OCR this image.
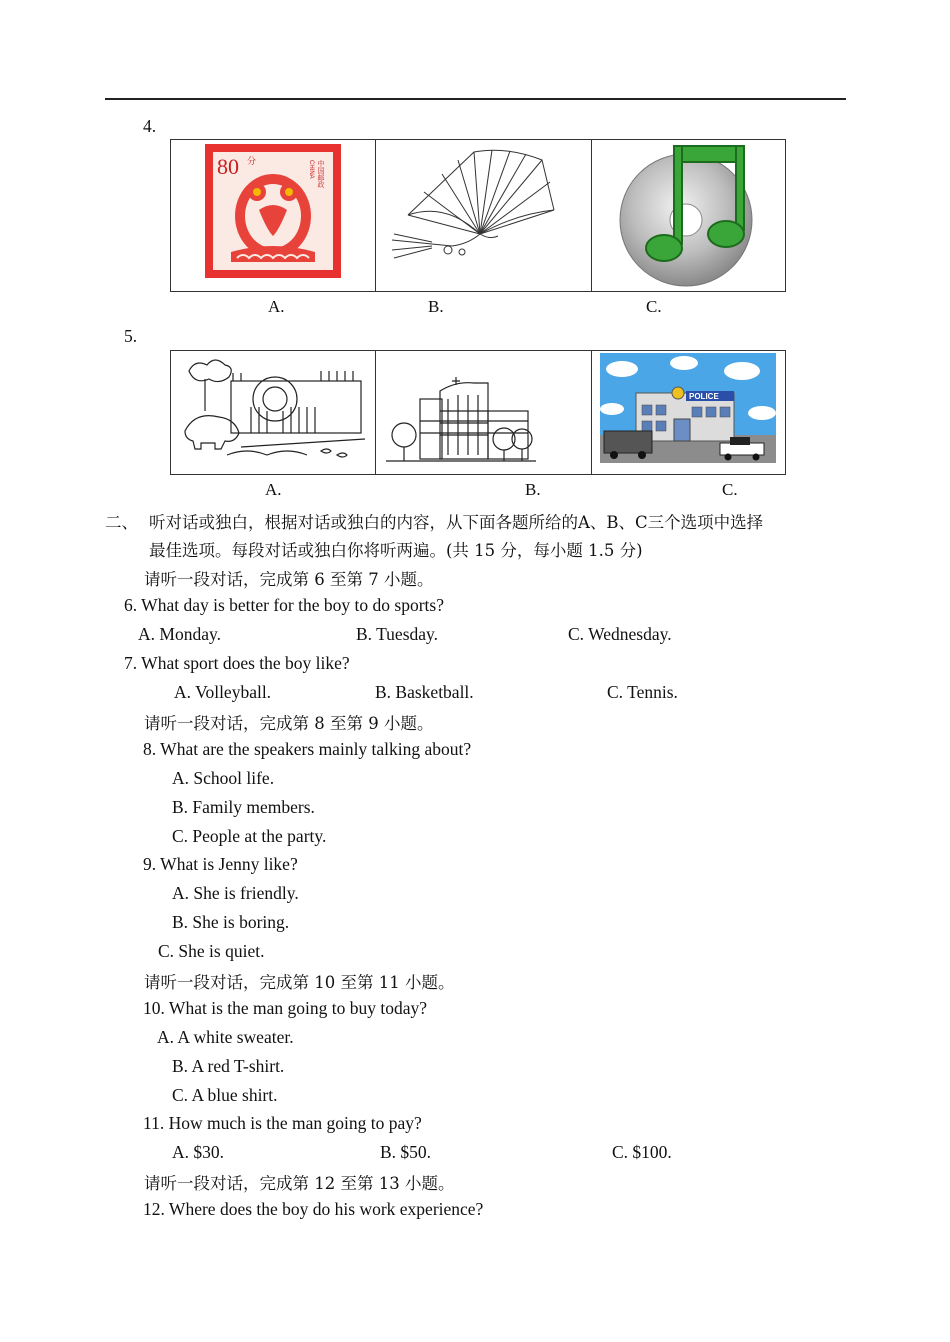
4.
80 分	中国邮政
CHINA

A.	B.	C.
5.

POLICE
A.	B.	C.
二、 听对话或独白，根据对话或独白的内容，从下面各题所给的A、B、C三个选项中选择
最佳选项。每段对话或独白你将听两遍。(共 15 分，每小题 1.5 分)
请听一段对话，完成第 6 至第 7 小题。
6. What day is better for the boy to do sports?
A. Monday.	B. Tuesday.	C. Wednesday.
7. What sport does the boy like?
A. Volleyball.	B. Basketball.	C. Tennis.
请听一段对话，完成第 8 至第 9 小题。
8. What are the speakers mainly talking about?
A. School life.
B. Family members.
C. People at the party.
9. What is Jenny like?
A. She is friendly.
B. She is boring.
C. She is quiet.
请听一段对话，完成第 10 至第 11 小题。
10. What is the man going to buy today?
A. A white sweater.
B. A red T-shirt.
C. A blue shirt.
11. How much is the man going to pay?
A. $30.	B. $50.	C. $100.
请听一段对话，完成第 12 至第 13 小题。
12. Where does the boy do his work experience?
